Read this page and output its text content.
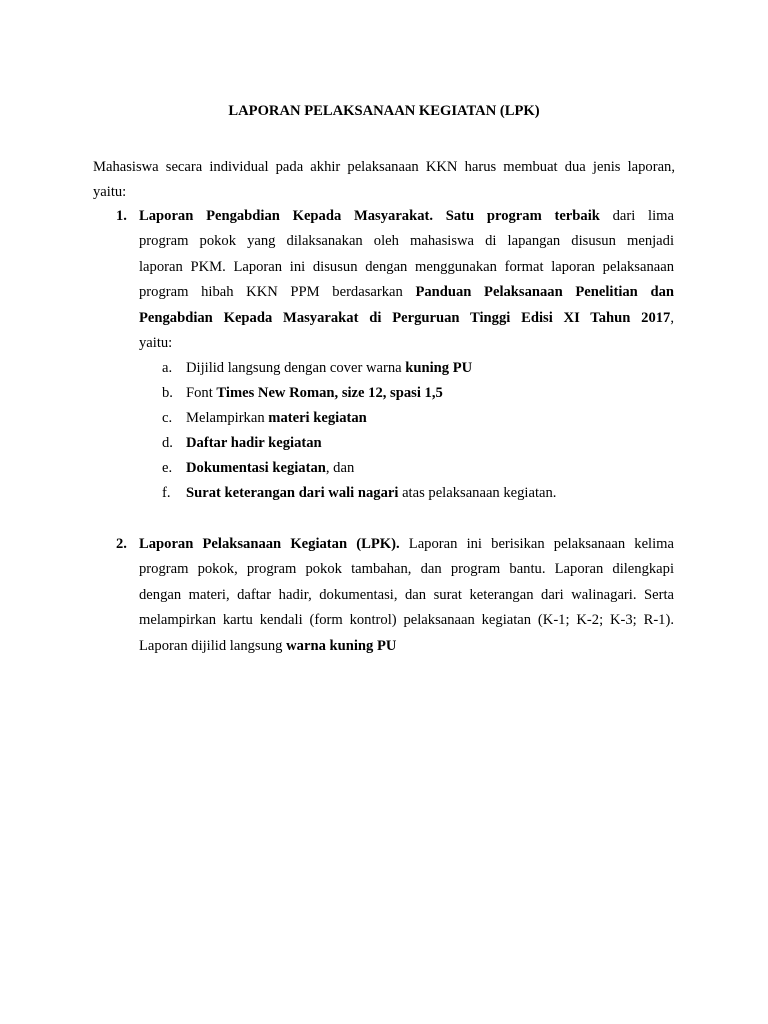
LAPORAN PELAKSANAAN KEGIATAN (LPK)
Mahasiswa secara individual pada akhir pelaksanaan KKN harus membuat dua jenis laporan,
yaitu:
1. Laporan Pengabdian Kepada Masyarakat. Satu program terbaik dari lima
program pokok yang dilaksanakan oleh mahasiswa di lapangan disusun menjadi
laporan PKM. Laporan ini disusun dengan menggunakan format laporan pelaksanaan
program hibah KKN PPM berdasarkan Panduan Pelaksanaan Penelitian dan
Pengabdian Kepada Masyarakat di Perguruan Tinggi Edisi XI Tahun 2017,
yaitu:
a. Dijilid langsung dengan cover warna kuning PU
b. Font Times New Roman, size 12, spasi 1,5
c. Melampirkan materi kegiatan
d. Daftar hadir kegiatan
e. Dokumentasi kegiatan, dan
f. Surat keterangan dari wali nagari atas pelaksanaan kegiatan.
2. Laporan Pelaksanaan Kegiatan (LPK). Laporan ini berisikan pelaksanaan kelima
program pokok, program pokok tambahan, dan program bantu. Laporan dilengkapi
dengan materi, daftar hadir, dokumentasi, dan surat keterangan dari walinagari. Serta
melampirkan kartu kendali (form kontrol) pelaksanaan kegiatan (K-1; K-2; K-3; R-1).
Laporan dijilid langsung warna kuning PU
